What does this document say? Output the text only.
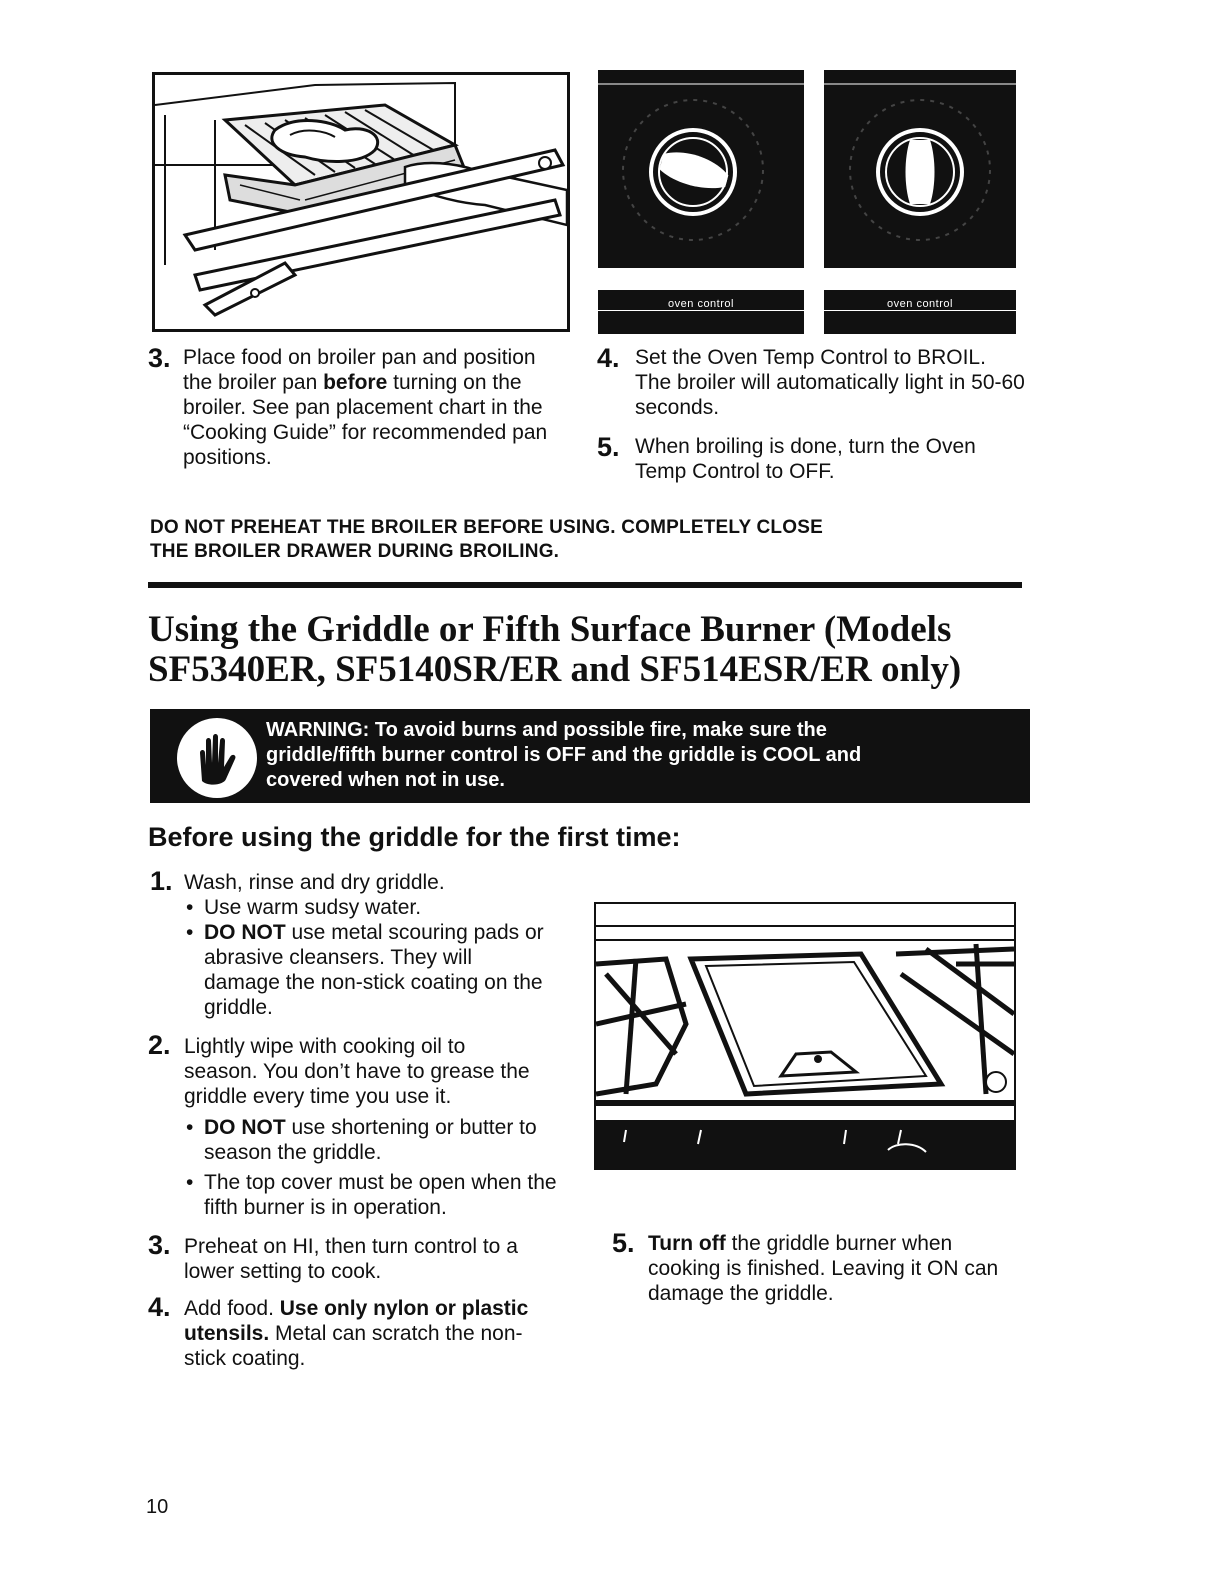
oven control	oven control
3. Place food on broiler pan and position the broiler pan before turning on the broiler. See pan placement chart in the “Cooking Guide” for recommended pan positions.
4. Set the Oven Temp Control to BROIL. The broiler will automatically light in 50-60 seconds.
5. When broiling is done, turn the Oven Temp Control to OFF.
DO NOT PREHEAT THE BROILER BEFORE USING. COMPLETELY CLOSE
THE BROILER DRAWER DURING BROILING.
Using the Griddle or Fifth Surface Burner (Models
SF5340ER, SF5140SR/ER and SF514ESR/ER only)
WARNING: To avoid burns and possible fire, make sure the
griddle/fifth burner control is OFF and the griddle is COOL and
covered when not in use.
Before using the griddle for the first time:
1. Wash, rinse and dry griddle.
• Use warm sudsy water.
• DO NOT use metal scouring pads or abrasive cleansers. They will damage the non-stick coating on the griddle.
2. Lightly wipe with cooking oil to season. You don’t have to grease the griddle every time you use it.
• DO NOT use shortening or butter to season the griddle.
• The top cover must be open when the fifth burner is in operation.
3. Preheat on HI, then turn control to a lower setting to cook.
4. Add food. Use only nylon or plastic utensils. Metal can scratch the non-stick coating.
5. Turn off the griddle burner when cooking is finished. Leaving it ON can damage the griddle.
10
